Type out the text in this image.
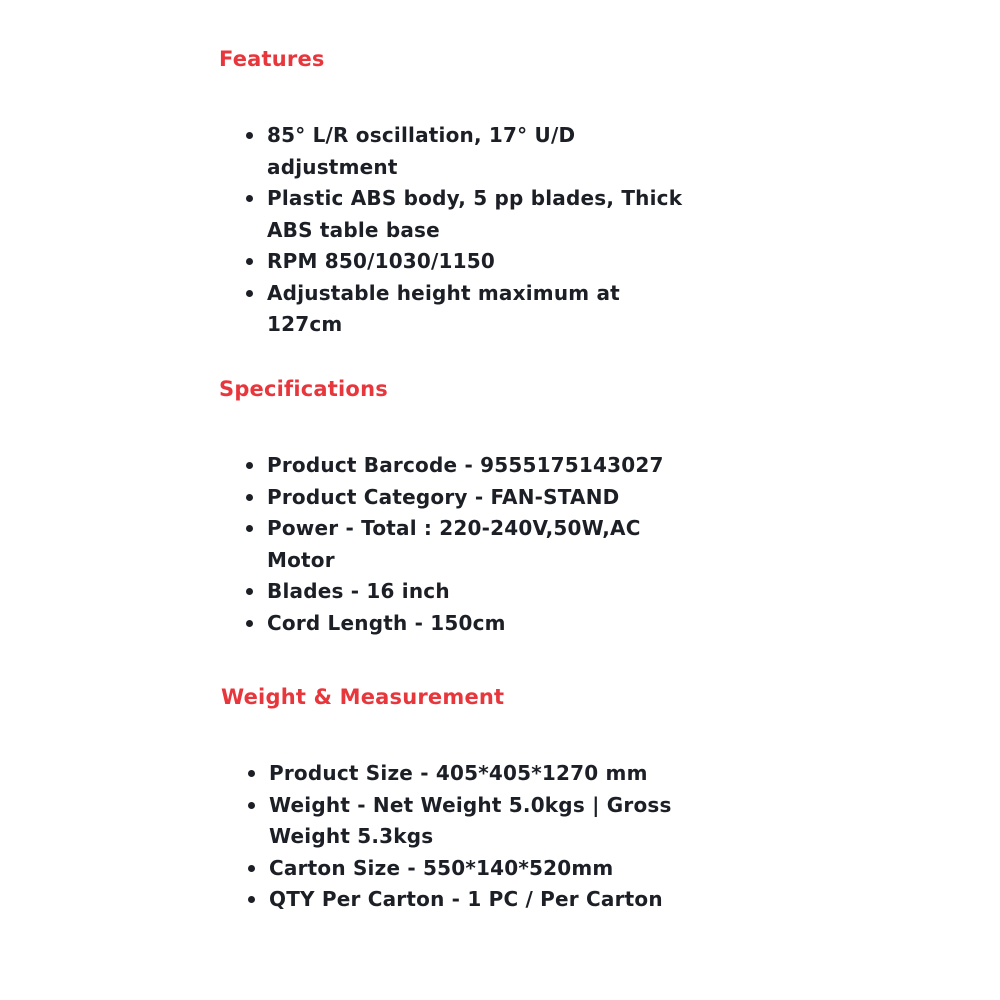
Features
85° L/R oscillation, 17° U/D adjustment
Plastic ABS body, 5 pp blades, Thick ABS table base
RPM 850/1030/1150
Adjustable height maximum at 127cm
Specifications
Product Barcode - 9555175143027
Product Category - FAN-STAND
Power - Total : 220-240V,50W,AC Motor
Blades - 16 inch
Cord Length - 150cm
Weight & Measurement
Product Size - 405*405*1270 mm
Weight - Net Weight 5.0kgs | Gross Weight 5.3kgs
Carton Size - 550*140*520mm
QTY Per Carton - 1 PC / Per Carton
